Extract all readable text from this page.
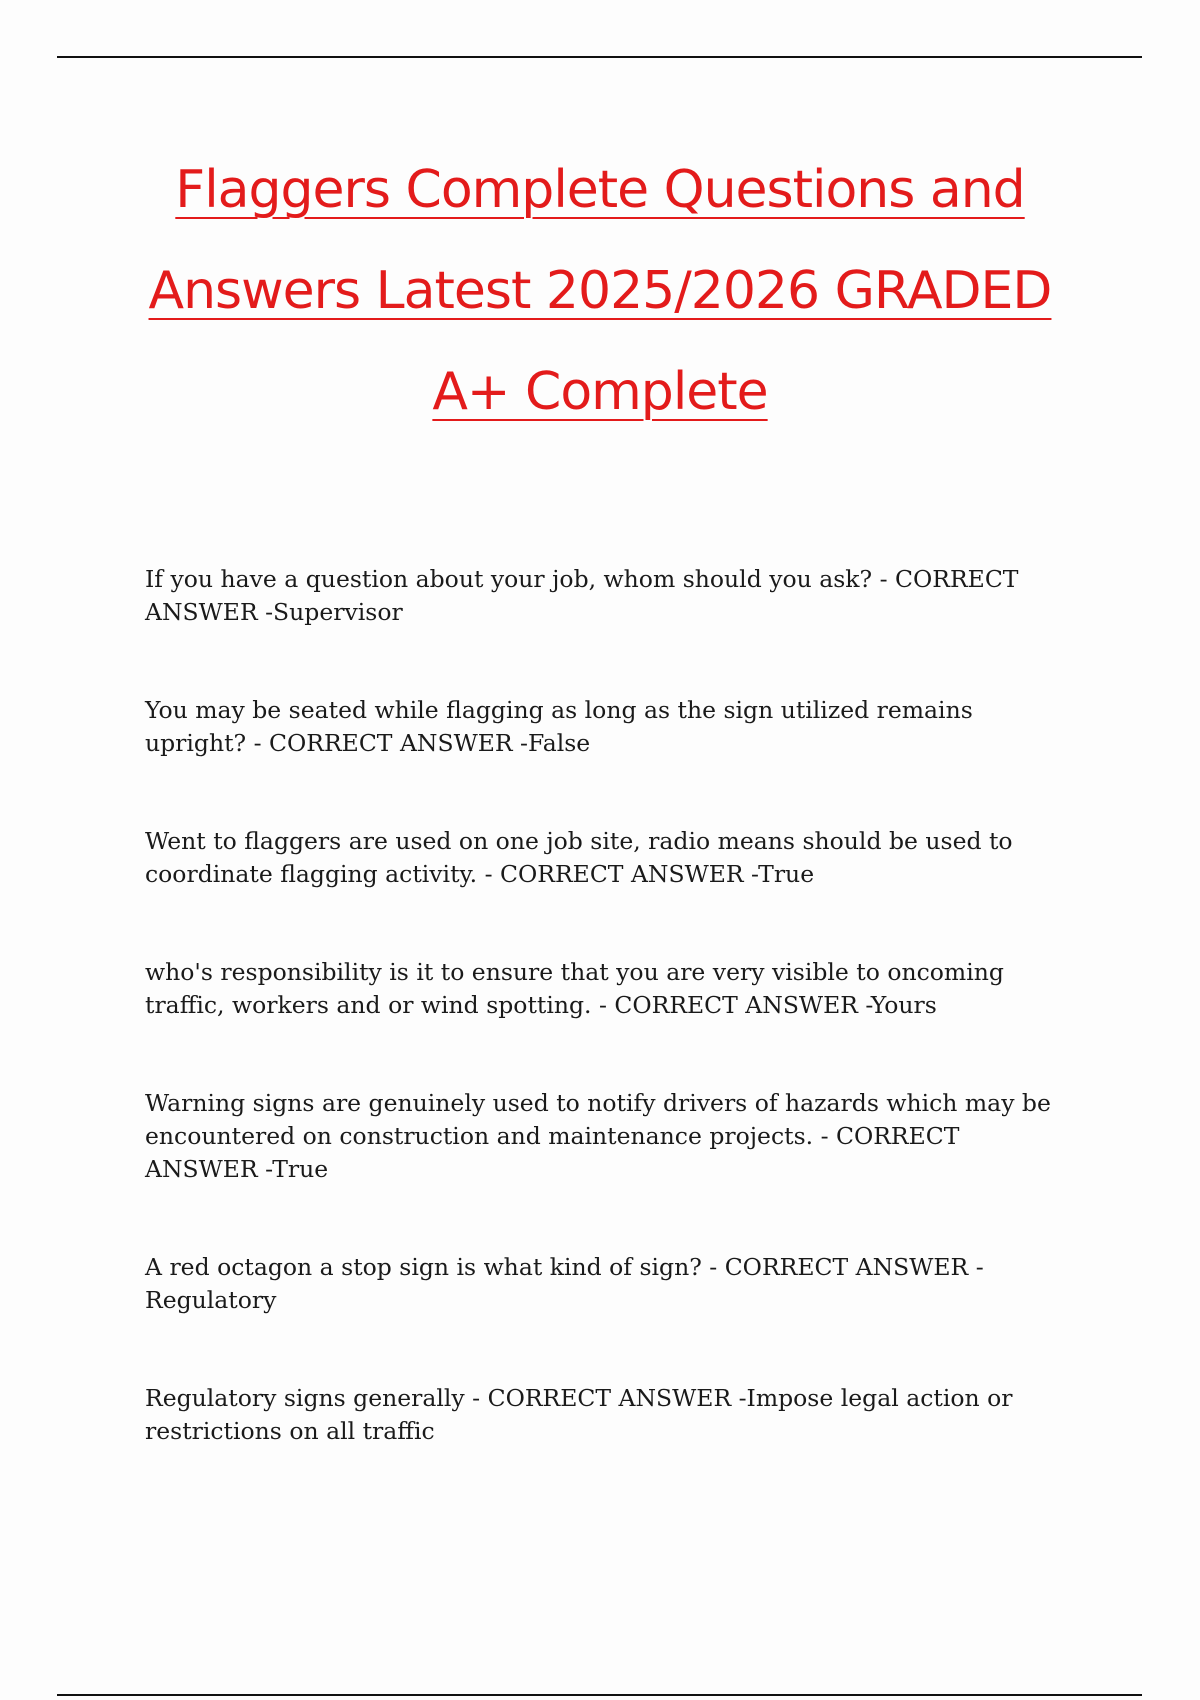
Flaggers Complete Questions and
Answers Latest 2025/2026 GRADED
A+ Complete

If you have a question about your job, whom should you ask? - CORRECT ANSWER -Supervisor

You may be seated while flagging as long as the sign utilized remains upright? - CORRECT ANSWER -False

Went to flaggers are used on one job site, radio means should be used to coordinate flagging activity. - CORRECT ANSWER -True

who's responsibility is it to ensure that you are very visible to oncoming traffic, workers and or wind spotting. - CORRECT ANSWER -Yours

Warning signs are genuinely used to notify drivers of hazards which may be encountered on construction and maintenance projects. - CORRECT ANSWER -True

A red octagon a stop sign is what kind of sign? - CORRECT ANSWER - Regulatory

Regulatory signs generally - CORRECT ANSWER -Impose legal action or restrictions on all traffic
